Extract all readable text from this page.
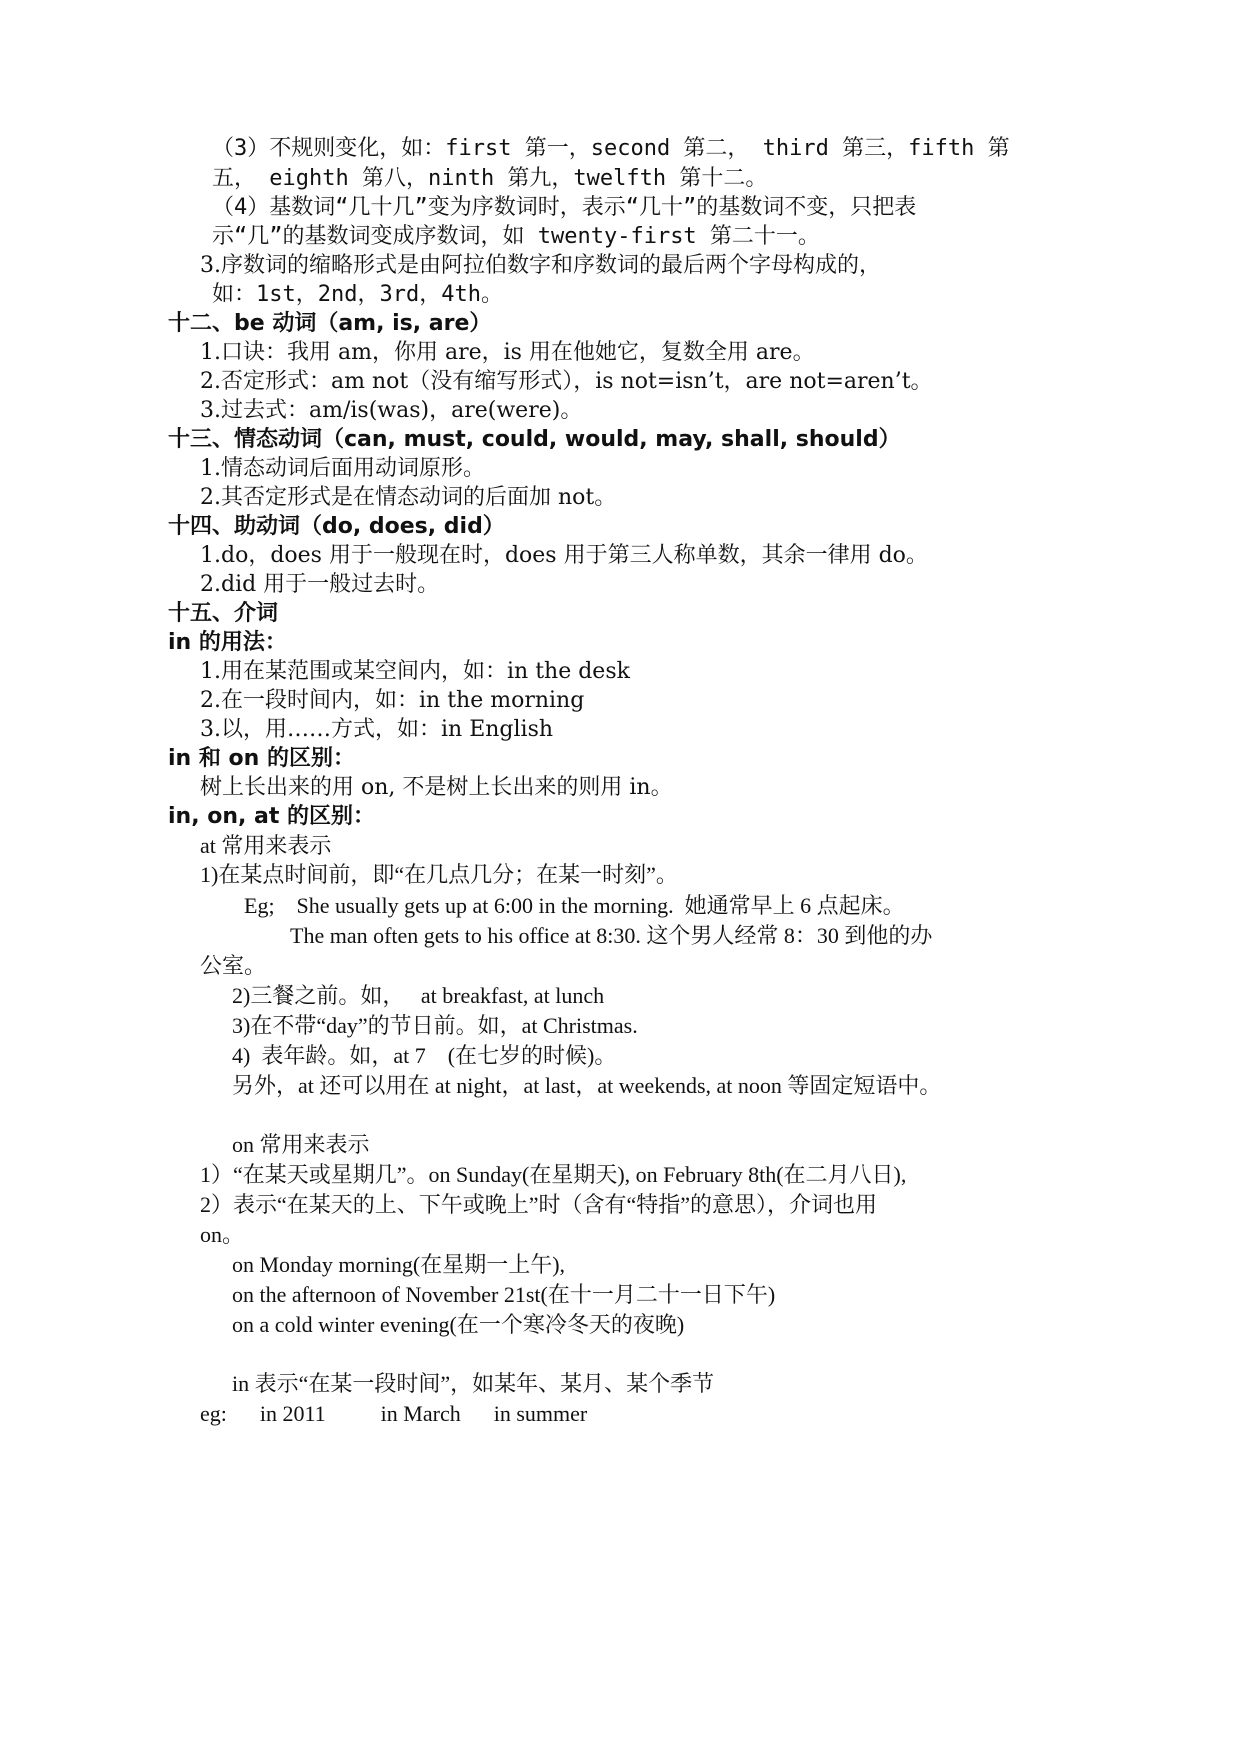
（3）不规则变化，如：first 第一，second 第二， third 第三，fifth 第
五， eighth 第八，ninth 第九，twelfth 第十二。
（4）基数词“几十几”变为序数词时，表示“几十”的基数词不变，只把表
示“几”的基数词变成序数词，如 twenty-first 第二十一。
3.序数词的缩略形式是由阿拉伯数字和序数词的最后两个字母构成的，
如：1st，2nd，3rd，4th。
十二、be 动词（am, is, are）
1.口诀：我用 am，你用 are，is 用在他她它，复数全用 are。
2.否定形式：am not（没有缩写形式），is not=isn’t，are not=aren’t。
3.过去式：am/is(was)，are(were)。
十三、情态动词（can, must, could, would, may, shall, should）
1.情态动词后面用动词原形。
2.其否定形式是在情态动词的后面加 not。
十四、助动词（do, does, did）
1.do，does 用于一般现在时，does 用于第三人称单数，其余一律用 do。
2.did 用于一般过去时。
十五、介词
in 的用法：
1.用在某范围或某空间内，如：in the desk
2.在一段时间内，如：in the morning
3.以，用……方式，如：in English
in 和 on 的区别：
树上长出来的用 on, 不是树上长出来的则用 in。
in, on, at 的区别：
at 常用来表示
1)在某点时间前，即“在几点几分；在某一时刻”。
Eg;    She usually gets up at 6:00 in the morning.  她通常早上 6 点起床。
The man often gets to his office at 8:30. 这个男人经常 8：30 到他的办
公室。
2)三餐之前。如，   at breakfast, at lunch
3)在不带“day”的节日前。如，at Christmas.
4)  表年龄。如，at 7    (在七岁的时候)。
另外，at 还可以用在 at night，at last，at weekends, at noon 等固定短语中。
on 常用来表示
1）“在某天或星期几”。on Sunday(在星期天), on February 8th(在二月八日),
2）表示“在某天的上、下午或晚上”时（含有“特指”的意思），介词也用
on。
on Monday morning(在星期一上午),
on the afternoon of November 21st(在十一月二十一日下午)
on a cold winter evening(在一个寒冷冬天的夜晚)
in 表示“在某一段时间”，如某年、某月、某个季节
eg:      in 2011          in March      in summer
